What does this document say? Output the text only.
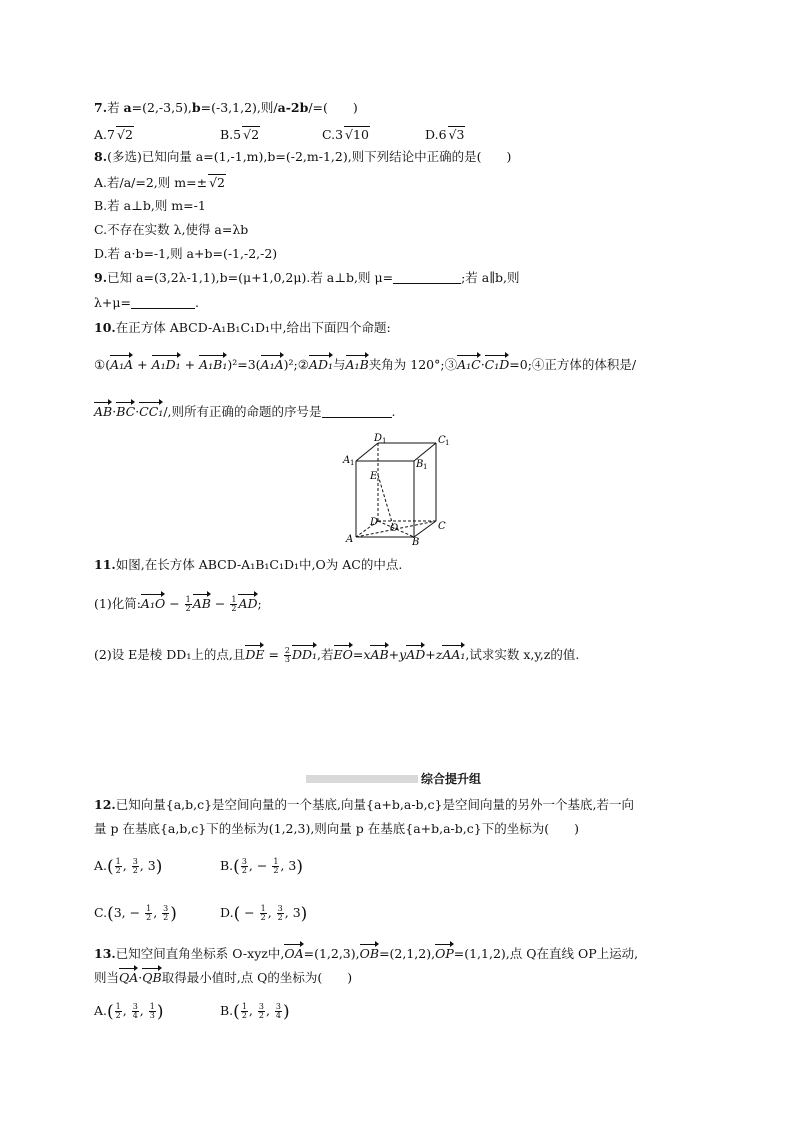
7.若 a=(2,-3,5),b=(-3,1,2),则/a-2b/=(　　)
A.7 √2	B.5 √2	C.3 √10	D.6 √3
8.(多选)已知向量 a=(1,-1,m),b=(-2,m-1,2),则下列结论中正确的是(　　)
A.若/a/=2,则 m=± √2
B.若 a⊥b,则 m=-1
C.不存在实数 λ,使得 a=λb
D.若 a·b=-1,则 a+b=(-1,-2,-2)
9.已知 a=(3,2λ-1,1),b=(μ+1,0,2μ).若 a⊥b,则 μ=	;若 a∥b,则
λ+μ=	.
10.在正方体 ABCD-A₁B₁C₁D₁中,给出下面四个命题:
①(A₁A + A₁D₁ + A₁B₁)²=3(A₁A)²;②AD₁与A₁B夹角为 120°;③A₁C·C₁D=0;④正方体的体积是/
AB·BC·CC₁/,则所有正确的命题的序号是	.
D 1	C 1
A 1	B 1
E
D
O	C
A	B
11.如图,在长方体 ABCD-A₁B₁C₁D₁中,O为 AC的中点.
(1)化简:A₁O − $\frac{1}{2}$ AB − $\frac{1}{2}$ AD;
(2)设 E是棱 DD₁上的点,且DE = $\frac{2}{3} DD_1$,若EO=xAB+yAD+zAA₁,试求实数 x,y,z的值.
综合提升组
12.已知向量{a,b,c}是空间向量的一个基底,向量{a+b,a-b,c}是空间向量的另外一个基底,若一向
量 p 在基底{a,b,c}下的坐标为(1,2,3),则向量 p 在基底{a+b,a-b,c}下的坐标为(　　)
$A.( \frac{1}{2}$ , $\frac{3}{2}$ , 3)	$B.( \frac{3}{2}$ , − $\frac{1}{2}$ , 3)
C.(3, − $\frac{1}{2}$ , $\frac{3}{2}$ )	$D.( - \frac{1}{2}$ , $\frac{3}{2}$ , 3)
13.已知空间直角坐标系 O-xyz中,OA=(1,2,3),OB=(2,1,2),OP=(1,1,2),点 Q在直线 OP上运动,
则当QA·QB取得最小值时,点 Q的坐标为(　　)
$A.( \frac{1}{2}$ , $\frac{3}{4}$ , $\frac{1}{3}$ )	$B.( \frac{1}{2}$ , $\frac{3}{2}$ , $\frac{3}{4}$ )
